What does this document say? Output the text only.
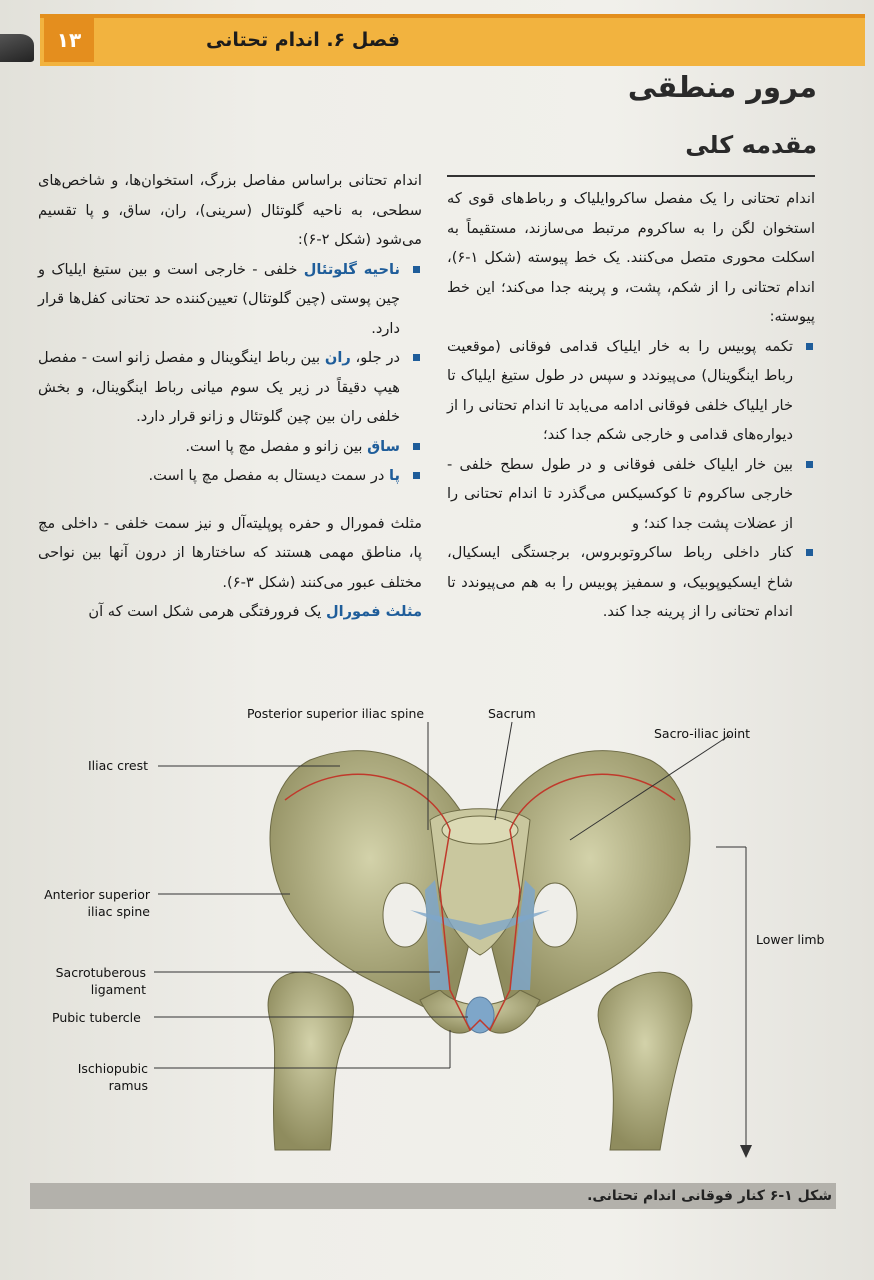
۱۳	فصل ۶. اندام تحتانی
مرور منطقی
مقدمه کلی

اندام تحتانی را یک مفصل ساکروایلیاک و رباط‌های قوی که استخوان لگن را به ساکروم مرتبط می‌سازند، مستقیماً به اسکلت محوری متصل می‌کنند. یک خط پیوسته (شکل ۱-۶)، اندام تحتانی را از شکم، پشت، و پرینه جدا می‌کند؛ این خط پیوسته:

تکمه پوبیس را به خار ایلیاک قدامی فوقانی (موقعیت رباط اینگوینال) می‌پیوندد و سپس در طول ستیغ ایلیاک تا خار ایلیاک خلفی فوقانی ادامه می‌یابد تا اندام تحتانی را از دیواره‌های قدامی و خارجی شکم جدا کند؛
بین خار ایلیاک خلفی فوقانی و در طول سطح خلفی - خارجی ساکروم تا کوکسیکس می‌گذرد تا اندام تحتانی را از عضلات پشت جدا کند؛ و
کنار داخلی رباط ساکروتوبروس، برجستگی ایسکیال، شاخ ایسکیوپوبیک، و سمفیز پوبیس را به هم می‌پیوندد تا اندام تحتانی را از پرینه جدا کند.

اندام تحتانی براساس مفاصل بزرگ، استخوان‌ها، و شاخص‌های سطحی، به ناحیه گلوتئال (سرینی)، ران، ساق، و پا تقسیم می‌شود (شکل ۲-۶):

ناحیه گلوتئال خلفی - خارجی است و بین ستیغ ایلیاک و چین پوستی (چین گلوتئال) تعیین‌کننده حد تحتانی کفل‌ها قرار دارد.
در جلو، ران بین رباط اینگوینال و مفصل زانو است - مفصل هیپ دقیقاً در زیر یک سوم میانی رباط اینگوینال، و بخش خلفی ران بین چین گلوتئال و زانو قرار دارد.
ساق بین زانو و مفصل مچ پا است.
پا در سمت دیستال به مفصل مچ پا است.

مثلث فمورال و حفره پوپلیته‌آل و نیز سمت خلفی - داخلی مچ پا، مناطق مهمی هستند که ساختارها از درون آنها بین نواحی مختلف عبور می‌کنند (شکل ۳-۶).

مثلث فمورال یک فرورفتگی هرمی شکل است که آن

Posterior superior iliac spine	Sacrum
Sacro-iliac joint
Iliac crest
Anterior superior iliac spine
Sacrotuberous ligament
Pubic tubercle
Ischiopubic ramus
Lower limb
شکل ۱-۶ کنار فوقانی اندام تحتانی.
